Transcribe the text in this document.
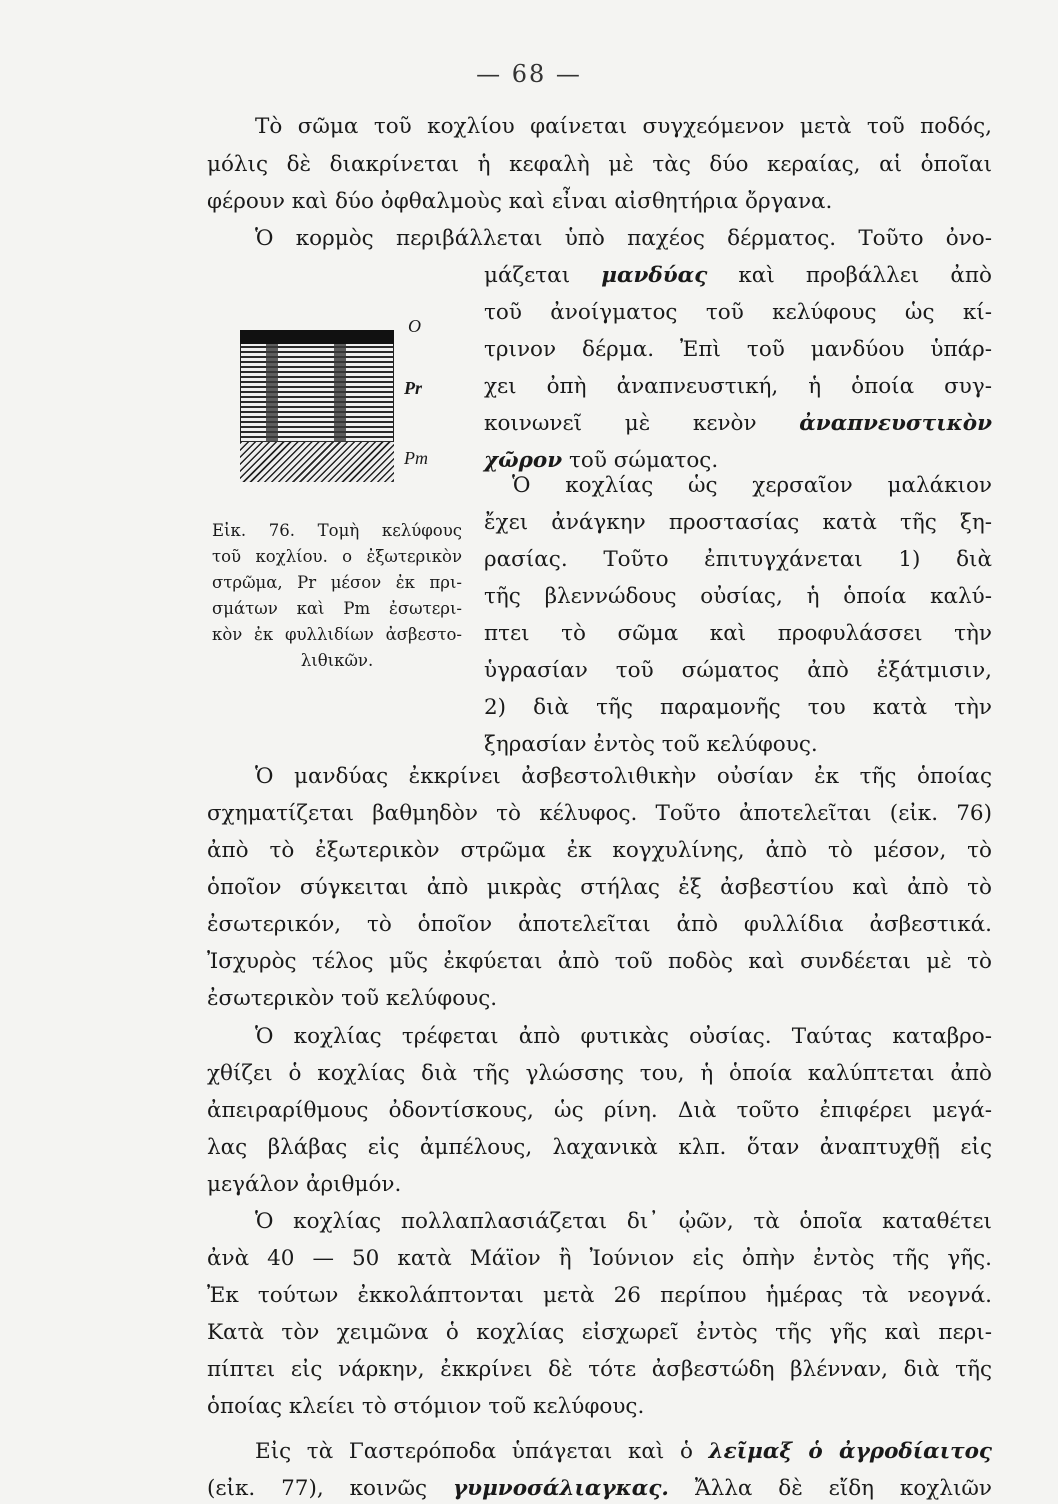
— 68 —
Τὸ σῶμα τοῦ κοχλίου φαίνεται συγχεόμενον μετὰ τοῦ ποδός,
μόλις δὲ διακρίνεται ἡ κεφαλὴ μὲ τὰς δύο κεραίας, αἱ ὁποῖαι
φέρουν καὶ δύο ὀφθαλμοὺς καὶ εἶναι αἰσθητήρια ὄργανα.
Ὁ κορμὸς περιβάλλεται ὑπὸ παχέος δέρματος. Τοῦτο ὀνο-
μάζεται μανδύας καὶ προβάλλει ἀπὸ
τοῦ ἀνοίγματος τοῦ κελύφους ὡς κί-
τρινον δέρμα. Ἐπὶ τοῦ μανδύου ὑπάρ-
χει ὀπὴ ἀναπνευστική, ἡ ὁποία συγ-
κοινωνεῖ μὲ κενὸν ἀναπνευστικὸν
χῶρον τοῦ σώματος.
O
Pr
Pm
Εἰκ. 76. Τομὴ κελύφους
τοῦ κοχλίου. ο ἐξωτερικὸν
στρῶμα, Pr μέσον ἐκ πρι-
σμάτων καὶ Pm ἐσωτερι-
κὸν ἐκ φυλλιδίων ἀσβεστο-
λιθικῶν.
Ὁ κοχλίας ὡς χερσαῖον μαλάκιον
ἔχει ἀνάγκην προστασίας κατὰ τῆς ξη-
ρασίας. Τοῦτο ἐπιτυγχάνεται 1) διὰ
τῆς βλεννώδους οὐσίας, ἡ ὁποία καλύ-
πτει τὸ σῶμα καὶ προφυλάσσει τὴν
ὑγρασίαν τοῦ σώματος ἀπὸ ἐξάτμισιν,
2) διὰ τῆς παραμονῆς του κατὰ τὴν
ξηρασίαν ἐντὸς τοῦ κελύφους.
Ὁ μανδύας ἐκκρίνει ἀσβεστολιθικὴν οὐσίαν ἐκ τῆς ὁποίας
σχηματίζεται βαθμηδὸν τὸ κέλυφος. Τοῦτο ἀποτελεῖται (εἰκ. 76)
ἀπὸ τὸ ἐξωτερικὸν στρῶμα ἐκ κογχυλίνης, ἀπὸ τὸ μέσον, τὸ
ὁποῖον σύγκειται ἀπὸ μικρὰς στήλας ἐξ ἀσβεστίου καὶ ἀπὸ τὸ
ἐσωτερικόν, τὸ ὁποῖον ἀποτελεῖται ἀπὸ φυλλίδια ἀσβεστικά.
Ἰσχυρὸς τέλος μῦς ἐκφύεται ἀπὸ τοῦ ποδὸς καὶ συνδέεται μὲ τὸ
ἐσωτερικὸν τοῦ κελύφους.
Ὁ κοχλίας τρέφεται ἀπὸ φυτικὰς οὐσίας. Ταύτας καταβρο-
χθίζει ὁ κοχλίας διὰ τῆς γλώσσης του, ἡ ὁποία καλύπτεται ἀπὸ
ἀπειραρίθμους ὀδοντίσκους, ὡς ρίνη. Διὰ τοῦτο ἐπιφέρει μεγά-
λας βλάβας εἰς ἀμπέλους, λαχανικὰ κλπ. ὅταν ἀναπτυχθῇ εἰς
μεγάλον ἀριθμόν.
Ὁ κοχλίας πολλαπλασιάζεται δι᾽ ᾠῶν, τὰ ὁποῖα καταθέτει
ἀνὰ 40 — 50 κατὰ Μάϊον ἢ Ἰούνιον εἰς ὀπὴν ἐντὸς τῆς γῆς.
Ἐκ τούτων ἐκκολάπτονται μετὰ 26 περίπου ἡμέρας τὰ νεογνά.
Κατὰ τὸν χειμῶνα ὁ κοχλίας εἰσχωρεῖ ἐντὸς τῆς γῆς καὶ περι-
πίπτει εἰς νάρκην, ἐκκρίνει δὲ τότε ἀσβεστώδη βλένναν, διὰ τῆς
ὁποίας κλείει τὸ στόμιον τοῦ κελύφους.
Εἰς τὰ Γαστερόποδα ὑπάγεται καὶ ὁ λεῖμαξ ὁ ἀγροδίαιτος
(εἰκ. 77), κοινῶς γυμνοσάλιαγκας. Ἄλλα δὲ εἴδη κοχλιῶν
